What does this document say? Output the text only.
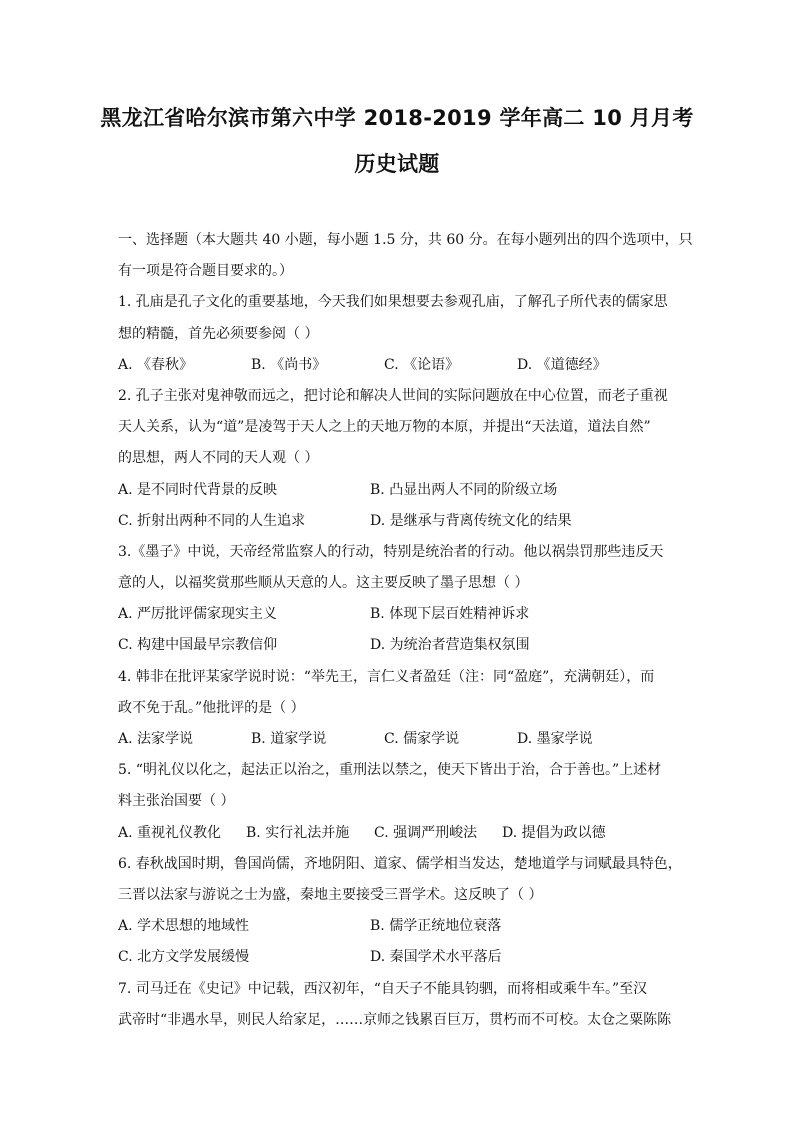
黑龙江省哈尔滨市第六中学 2018-2019 学年高二 10 月月考
历史试题
一、选择题（本大题共 40 小题，每小题 1.5 分，共 60 分。在每小题列出的四个选项中，只
有一项是符合题目要求的。）
1. 孔庙是孔子文化的重要基地，今天我们如果想要去参观孔庙，了解孔子所代表的儒家思
想的精髓，首先必须要参阅（ ）
A. 《春秋》	B. 《尚书》	C. 《论语》	D. 《道德经》
2. 孔子主张对鬼神敬而远之，把讨论和解决人世间的实际问题放在中心位置，而老子重视
天人关系，认为“道”是凌驾于天人之上的天地万物的本原，并提出“天法道，道法自然”
的思想，两人不同的天人观（ ）
A. 是不同时代背景的反映	B. 凸显出两人不同的阶级立场
C. 折射出两种不同的人生追求	D. 是继承与背离传统文化的结果
3.《墨子》中说，天帝经常监察人的行动，特别是统治者的行动。他以祸祟罚那些违反天
意的人，以福奖赏那些顺从天意的人。这主要反映了墨子思想（ ）
A. 严厉批评儒家现实主义	B. 体现下层百姓精神诉求
C. 构建中国最早宗教信仰	D. 为统治者营造集权氛围
4. 韩非在批评某家学说时说：“举先王，言仁义者盈廷（注：同“盈庭”，充满朝廷），而
政不免于乱。”他批评的是（ ）
A. 法家学说	B. 道家学说	C. 儒家学说	D. 墨家学说
5. “明礼仪以化之，起法正以治之，重刑法以禁之，使天下皆出于治，合于善也。”上述材
料主张治国要（ ）
A. 重视礼仪教化	B. 实行礼法并施	C. 强调严刑峻法	D. 提倡为政以德
6. 春秋战国时期，鲁国尚儒，齐地阴阳、道家、儒学相当发达，楚地道学与词赋最具特色，
三晋以法家与游说之士为盛，秦地主要接受三晋学术。这反映了（ ）
A. 学术思想的地域性	B. 儒学正统地位衰落
C. 北方文学发展缓慢	D. 秦国学术水平落后
7. 司马迁在《史记》中记载，西汉初年，“自天子不能具钧驷，而将相或乘牛车。”至汉
武帝时“非遇水旱，则民人给家足，……京师之钱累百巨万，贯朽而不可校。太仓之粟陈陈
